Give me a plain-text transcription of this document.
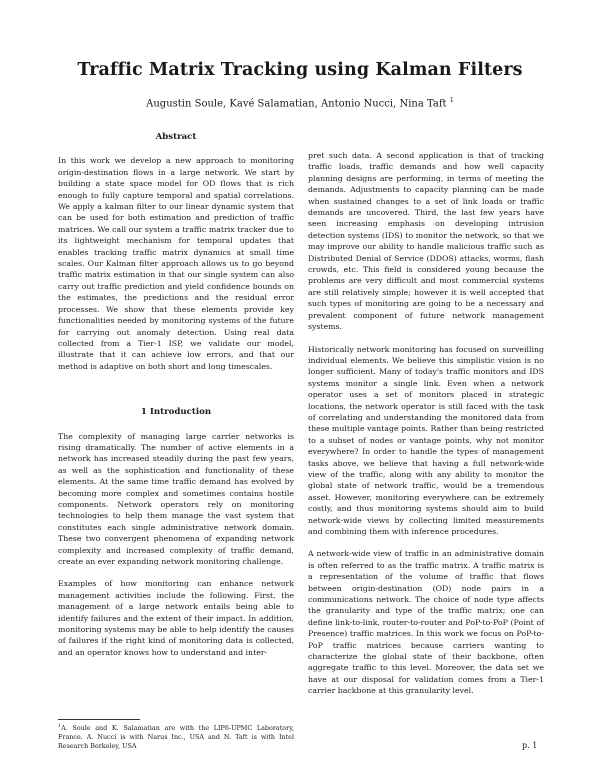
Traffic Matrix Tracking using Kalman Filters
Augustin Soule, Kavé Salamatian, Antonio Nucci, Nina Taft $^1$
Abstract

In this work we develop a new approach to monitoring origin-destination flows in a large network. We start by building a state space model for OD flows that is rich enough to fully capture temporal and spatial correlations. We apply a kalman filter to our linear dynamic system that can be used for both estimation and prediction of traffic matrices. We call our system a traffic matrix tracker due to its lightweight mechanism for temporal updates that enables tracking traffic matrix dynamics at small time scales. Our Kalman filter approach allows us to go beyond traffic matrix estimation in that our single system can also carry out traffic prediction and yield confidence bounds on the estimates, the predictions and the residual error processes. We show that these elements provide key functionalities needed by monitoring systems of the future for carrying out anomaly detection. Using real data collected from a Tier-1 ISP, we validate our model, illustrate that it can achieve low errors, and that our method is adaptive on both short and long timescales.

1 Introduction

The complexity of managing large carrier networks is rising dramatically. The number of active elements in a network has increased steadily during the past few years, as well as the sophistication and functionality of these elements. At the same time traffic demand has evolved by becoming more complex and sometimes contains hostile components. Network operators rely on monitoring technologies to help them manage the vast system that constitutes each single administrative network domain. These two convergent phenomena of expanding network complexity and increased complexity of traffic demand, create an ever expanding network monitoring challenge.

Examples of how monitoring can enhance network management activities include the following. First, the management of a large network entails being able to identify failures and the extent of their impact. In addition, monitoring systems may be able to help identify the causes of failures if the right kind of monitoring data is collected, and an operator knows how to understand and inter-

pret such data. A second application is that of tracking traffic loads, traffic demands and how well capacity planning designs are performing, in terms of meeting the demands. Adjustments to capacity planning can be made when sustained changes to a set of link loads or traffic demands are uncovered. Third, the last few years have seen increasing emphasis on developing intrusion detection systems (IDS) to monitor the network, so that we may improve our ability to handle malicious traffic such as Distributed Denial of Service (DDOS) attacks, worms, flash crowds, etc. This field is considered young because the problems are very difficult and most commercial systems are still relatively simple; however it is well accepted that such types of monitoring are going to be a necessary and prevalent component of future network management systems.

Historically network monitoring has focused on surveilling individual elements. We believe this simplistic vision is no longer sufficient. Many of today's traffic monitors and IDS systems monitor a single link. Even when a network operator uses a set of monitors placed in strategic locations, the network operator is still faced with the task of correlating and understanding the monitored data from these multiple vantage points. Rather than being restricted to a subset of nodes or vantage points, why not monitor everywhere? In order to handle the types of management tasks above, we believe that having a full network-wide view of the traffic, along with any ability to monitor the global state of network traffic, would be a tremendous asset. However, monitoring everywhere can be extremely costly, and thus monitoring systems should aim to build network-wide views by collecting limited measurements and combining them with inference procedures.

A network-wide view of traffic in an administrative domain is often referred to as the traffic matrix. A traffic matrix is a representation of the volume of traffic that flows between origin-destination (OD) node pairs in a communications network. The choice of node type affects the granularity and type of the traffic matrix; one can define link-to-link, router-to-router and PoP-to-PoP (Point of Presence) traffic matrices. In this work we focus on PoP-to-PoP traffic matrices because carriers wanting to characterize the global state of their backbone, often aggregate traffic to this level. Moreover, the data set we have at our disposal for validation comes from a Tier-1 carrier backbone at this granularity level.

$^1$A. Soule and K. Salamatian are with the LIP6-UPMC Laboratory, France. A. Nucci is with Narus Inc., USA and N. Taft is with Intel Research Berkeley, USA	p. 1
